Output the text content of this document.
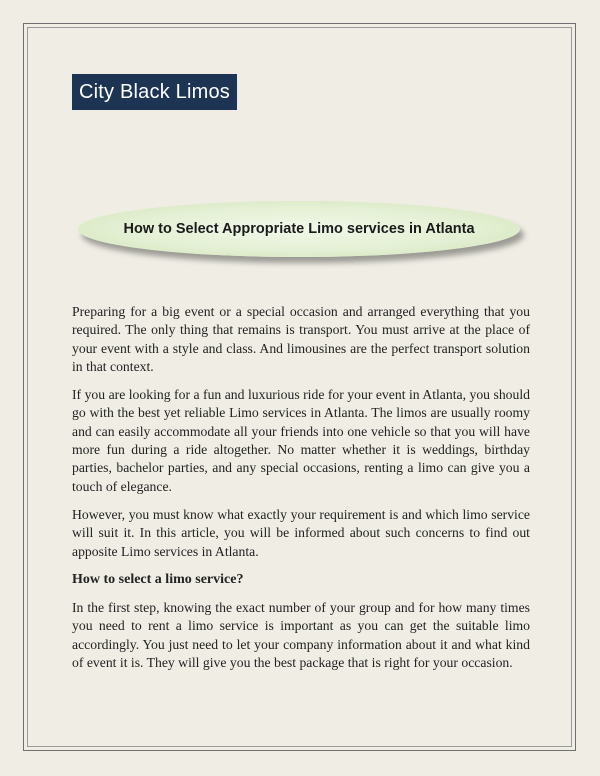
City Black Limos
How to Select Appropriate Limo services in Atlanta

Preparing for a big event or a special occasion and arranged everything that you required. The only thing that remains is transport. You must arrive at the place of your event with a style and class. And limousines are the perfect transport solution in that context.

If you are looking for a fun and luxurious ride for your event in Atlanta, you should go with the best yet reliable Limo services in Atlanta. The limos are usually roomy and can easily accommodate all your friends into one vehicle so that you will have more fun during a ride altogether. No matter whether it is weddings, birthday parties, bachelor parties, and any special occasions, renting a limo can give you a touch of elegance.

However, you must know what exactly your requirement is and which limo service will suit it. In this article, you will be informed about such concerns to find out apposite Limo services in Atlanta.

How to select a limo service?

In the first step, knowing the exact number of your group and for how many times you need to rent a limo service is important as you can get the suitable limo accordingly. You just need to let your company information about it and what kind of event it is. They will give you the best package that is right for your occasion.
